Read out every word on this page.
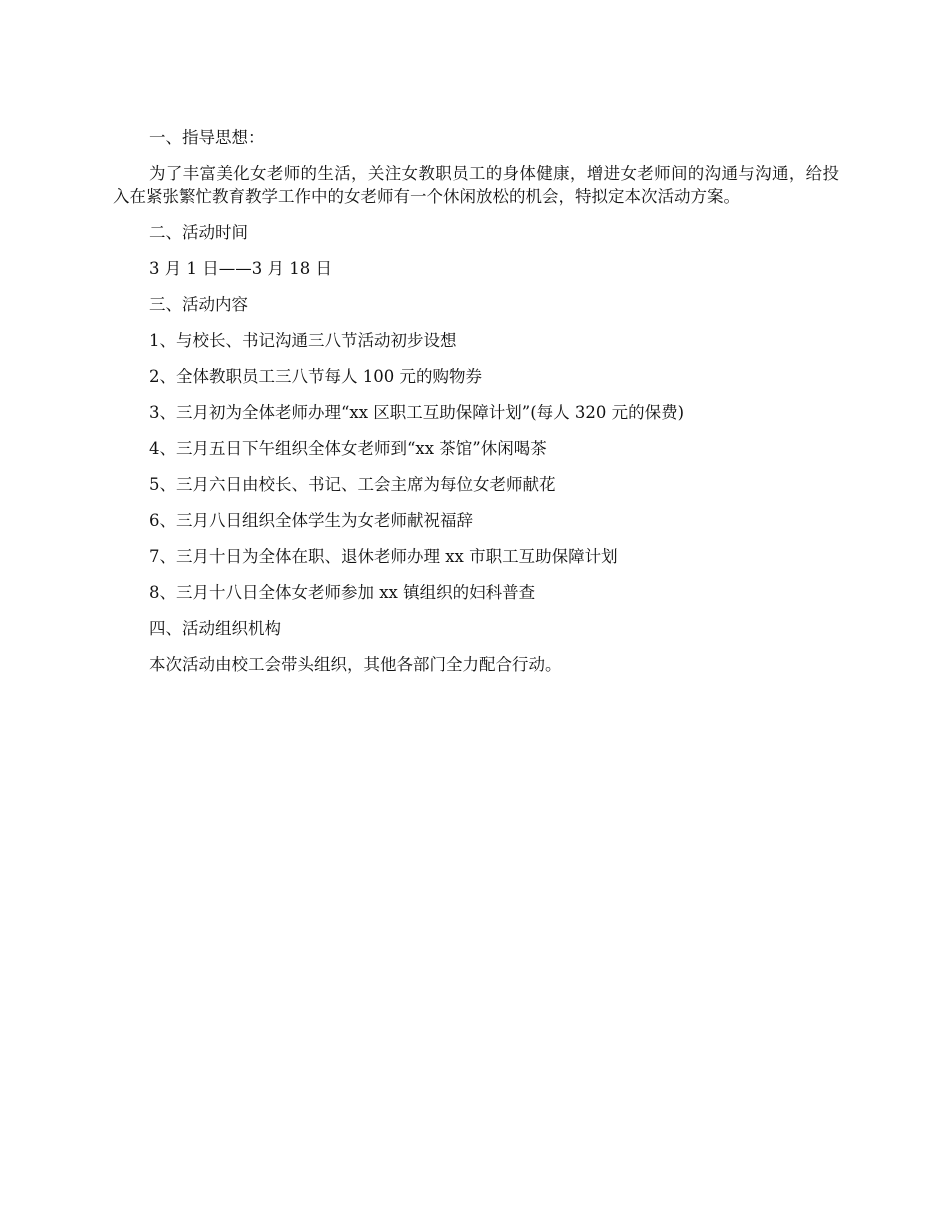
一、指导思想：

为了丰富美化女老师的生活，关注女教职员工的身体健康，增进女老师间的沟通与沟通，给投入在紧张繁忙教育教学工作中的女老师有一个休闲放松的机会，特拟定本次活动方案。

二、活动时间

3 月 1 日——3 月 18 日

三、活动内容

1、与校长、书记沟通三八节活动初步设想

2、全体教职员工三八节每人 100 元的购物券

3、三月初为全体老师办理“xx 区职工互助保障计划”(每人 320 元的保费)

4、三月五日下午组织全体女老师到“xx 茶馆”休闲喝茶

5、三月六日由校长、书记、工会主席为每位女老师献花

6、三月八日组织全体学生为女老师献祝福辞

7、三月十日为全体在职、退休老师办理 xx 市职工互助保障计划

8、三月十八日全体女老师参加 xx 镇组织的妇科普查

四、活动组织机构

本次活动由校工会带头组织，其他各部门全力配合行动。
